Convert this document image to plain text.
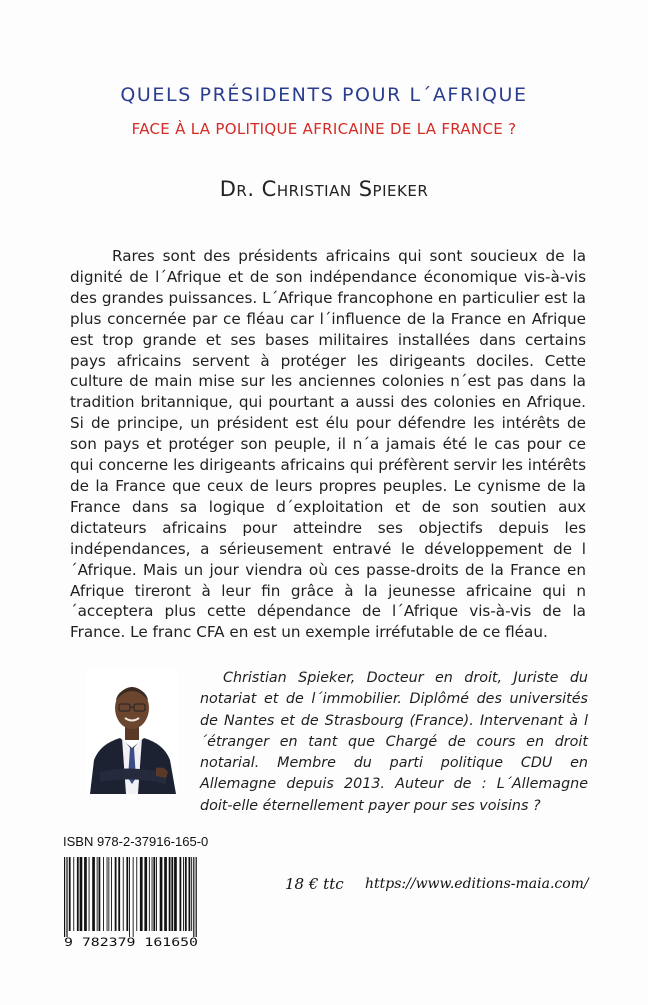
QUELS PRÉSIDENTS POUR L´AFRIQUE
FACE À LA POLITIQUE AFRICAINE DE LA FRANCE ?
Dr. Christian Spieker

Rares sont des présidents africains qui sont soucieux de la dignité de l´Afrique et de son indépendance économique vis-à-vis des grandes puissances. L´Afrique francophone en particulier est la plus concernée par ce fléau car l´influence de la France en Afrique est trop grande et ses bases militaires installées dans certains pays africains servent à protéger les dirigeants dociles. Cette culture de main mise sur les anciennes colonies n´est pas dans la tradition britannique, qui pourtant a aussi des colonies en Afrique. Si de principe, un président est élu pour défendre les intérêts de son pays et protéger son peuple, il n´a jamais été le cas pour ce qui concerne les dirigeants africains qui préfèrent servir les intérêts de la France que ceux de leurs propres peuples. Le cynisme de la France dans sa logique d´exploitation et de son soutien aux dictateurs africains pour atteindre ses objectifs depuis les indépendances, a sérieusement entravé le développement de l´Afrique. Mais un jour viendra où ces passe-droits de la France en Afrique tireront à leur fin grâce à la jeunesse africaine qui n´acceptera plus cette dépendance de l´Afrique vis-à-vis de la France. Le franc CFA en est un exemple irréfutable de ce fléau.

Christian Spieker, Docteur en droit, Juriste du notariat et de l´immobilier. Diplômé des universités de Nantes et de Strasbourg (France). Intervenant à l´étranger en tant que Chargé de cours en droit notarial. Membre du parti politique CDU en Allemagne depuis 2013. Auteur de : L´Allemagne doit-elle éternellement payer pour ses voisins ?

ISBN 978-2-37916-165-0
9 782379 161650
18 € ttc https://www.editions-maia.com/
